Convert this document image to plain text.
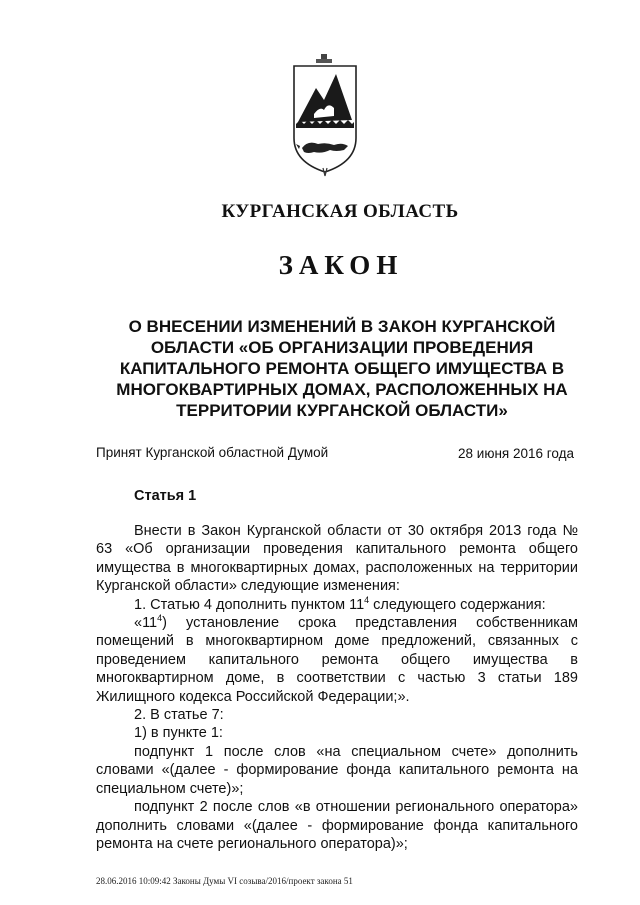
КУРГАНСКАЯ ОБЛАСТЬ
ЗАКОН
О ВНЕСЕНИИ ИЗМЕНЕНИЙ В ЗАКОН КУРГАНСКОЙ ОБЛАСТИ «ОБ ОРГАНИЗАЦИИ ПРОВЕДЕНИЯ КАПИТАЛЬНОГО РЕМОНТА ОБЩЕГО ИМУЩЕСТВА В МНОГОКВАРТИРНЫХ ДОМАХ, РАСПОЛОЖЕННЫХ НА ТЕРРИТОРИИ КУРГАНСКОЙ ОБЛАСТИ»
Принят Курганской областной Думой	28 июня 2016 года
Статья 1

Внести в Закон Курганской области от 30 октября 2013 года № 63 «Об организации проведения капитального ремонта общего имущества в многоквартирных домах, расположенных на территории Курганской области» следующие изменения:

1. Статью 4 дополнить пунктом $11^4$ следующего содержания:

«$11^4$) установление срока представления собственникам помещений в многоквартирном доме предложений, связанных с проведением капитального ремонта общего имущества в многоквартирном доме, в соответствии с частью 3 статьи 189 Жилищного кодекса Российской Федерации;».

2. В статье 7:

1) в пункте 1:

подпункт 1 после слов «на специальном счете» дополнить словами «(далее - формирование фонда капитального ремонта на специальном счете)»;

подпункт 2 после слов «в отношении регионального оператора» дополнить словами «(далее - формирование фонда капитального ремонта на счете регионального оператора)»;

28.06.2016 10:09:42 Законы Думы VI созыва/2016/проект закона 51
